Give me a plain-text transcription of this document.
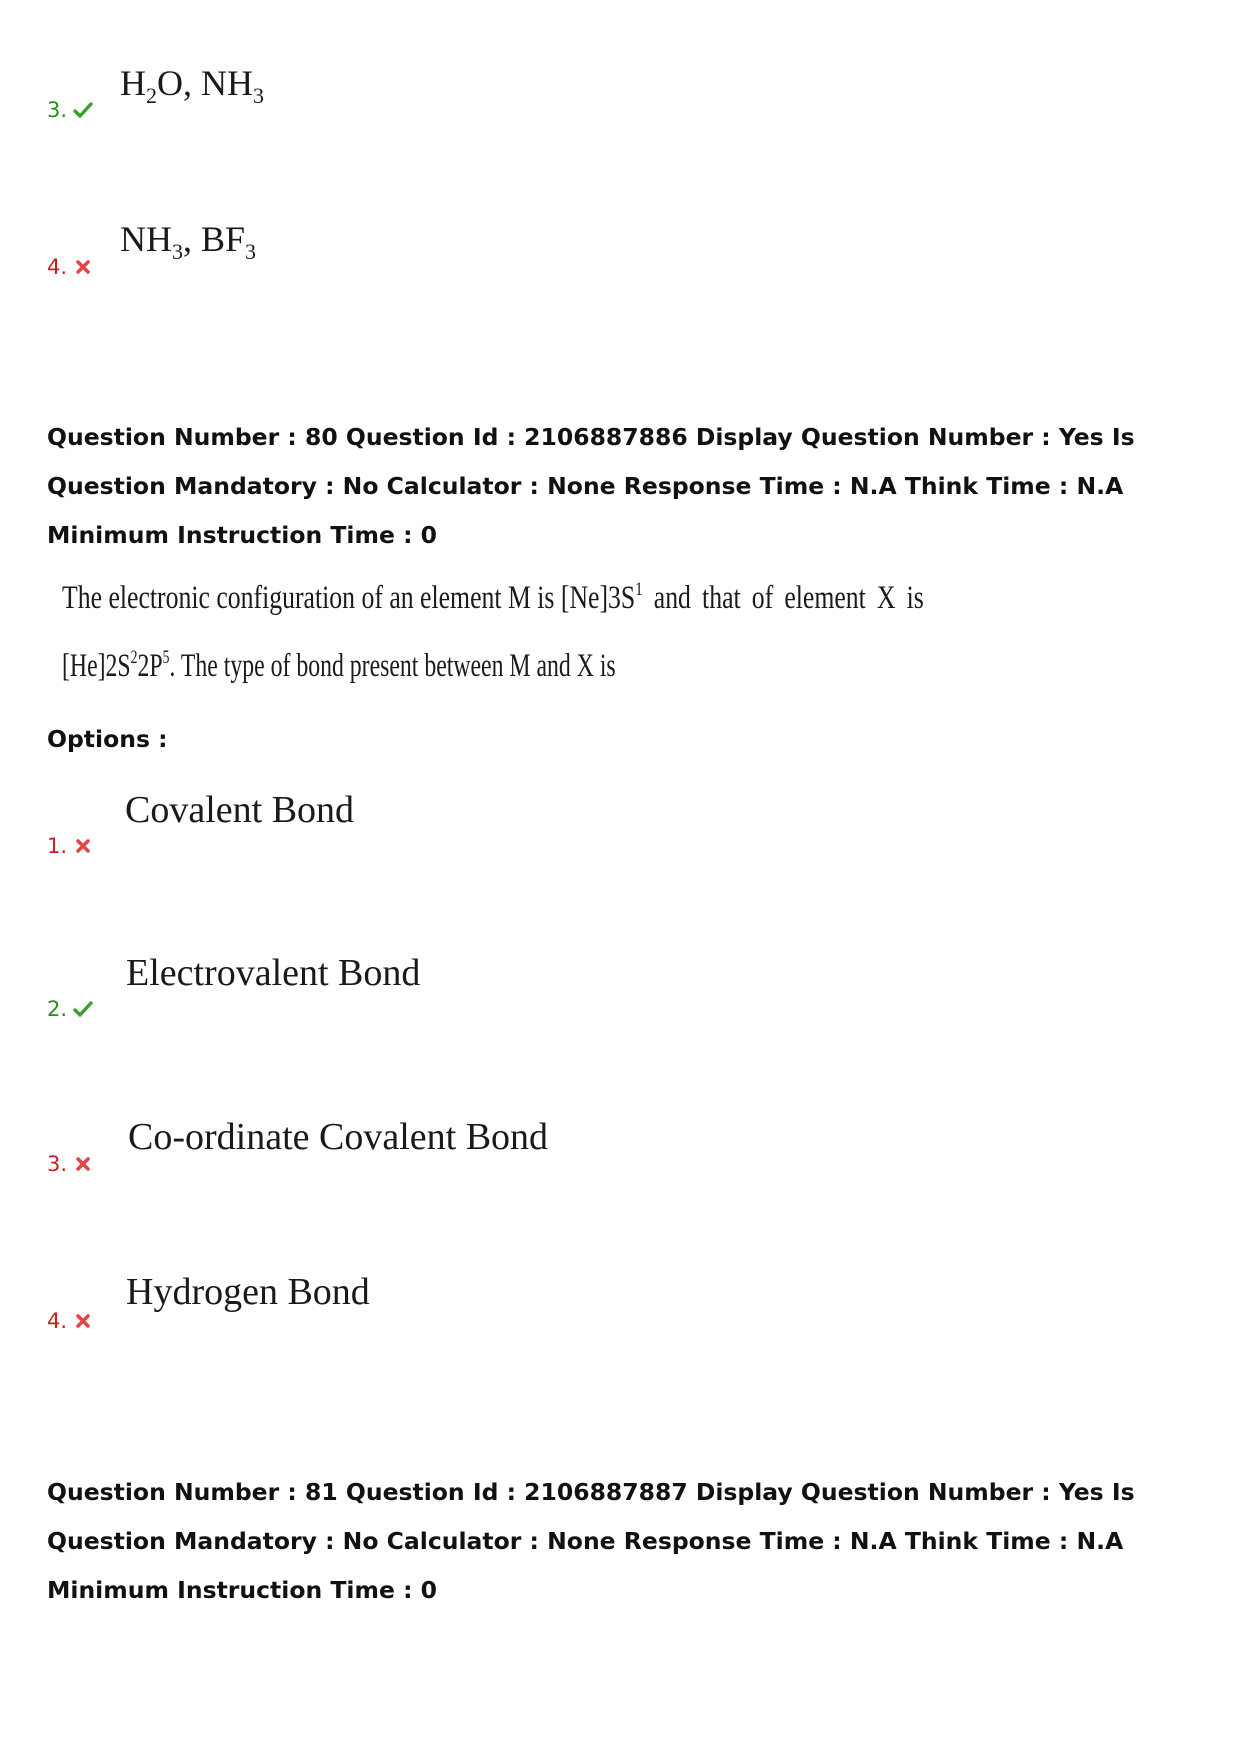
3.
$H_2O$, $NH_3$
4.
$NH_3$, $BF_3$
Question Number : 80 Question Id : 2106887886 Display Question Number : Yes Is Question Mandatory : No Calculator : None Response Time : N.A Think Time : N.A Minimum Instruction Time : 0
The electronic configuration of an element M is $[Ne]3S^1$ and that of element X is
$[He]2S^22P^5$. The type of bond present between M and X is
Options :
1.
Covalent Bond
2.
Electrovalent Bond
3.
Co-ordinate Covalent Bond
4.
Hydrogen Bond
Question Number : 81 Question Id : 2106887887 Display Question Number : Yes Is Question Mandatory : No Calculator : None Response Time : N.A Think Time : N.A Minimum Instruction Time : 0
